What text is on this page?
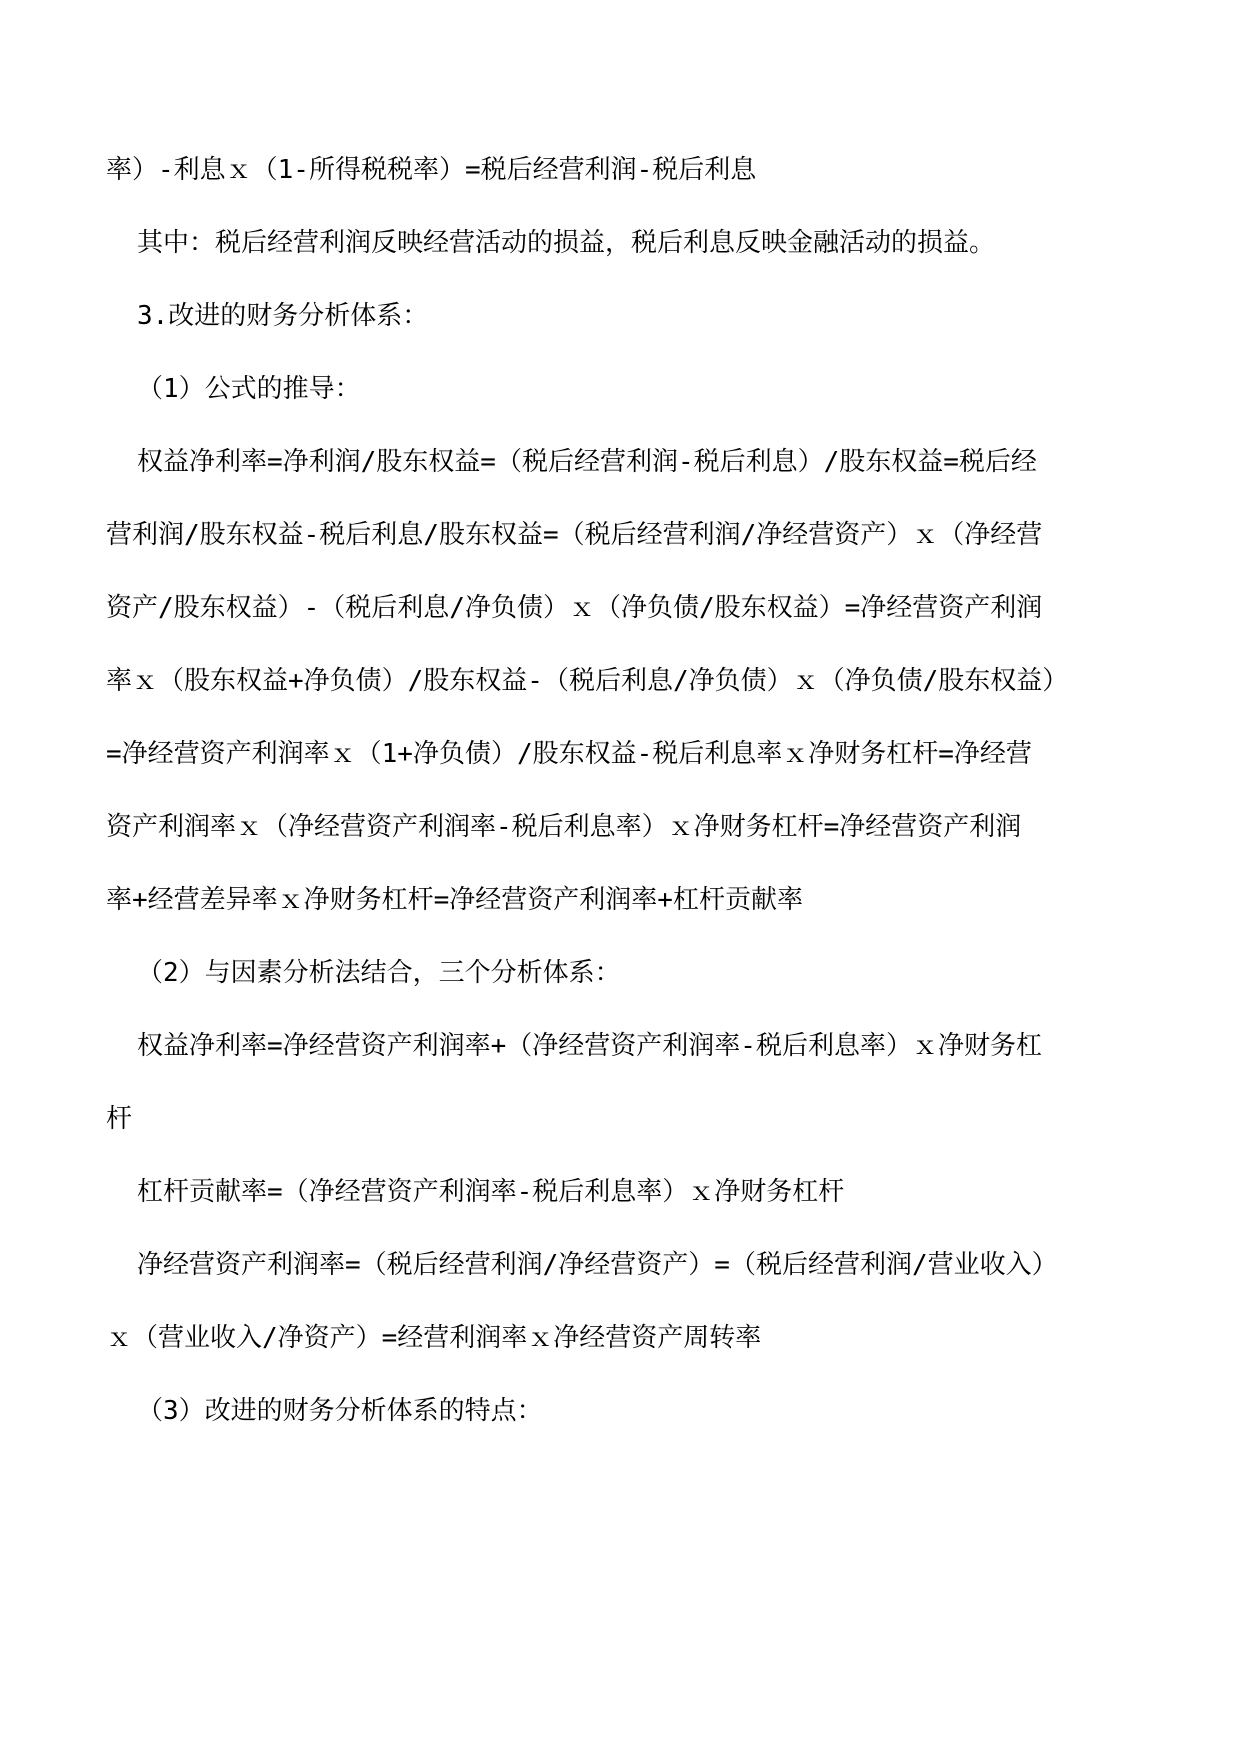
率）-利息ｘ（1-所得税税率）=税后经营利润-税后利息
其中：税后经营利润反映经营活动的损益，税后利息反映金融活动的损益。
3.改进的财务分析体系：
（1）公式的推导：
权益净利率=净利润/股东权益=（税后经营利润-税后利息）/股东权益=税后经
营利润/股东权益-税后利息/股东权益=（税后经营利润/净经营资产）ｘ（净经营
资产/股东权益）-（税后利息/净负债）ｘ（净负债/股东权益）=净经营资产利润
率ｘ（股东权益+净负债）/股东权益-（税后利息/净负债）ｘ（净负债/股东权益）
=净经营资产利润率ｘ（1+净负债）/股东权益-税后利息率ｘ净财务杠杆=净经营
资产利润率ｘ（净经营资产利润率-税后利息率）ｘ净财务杠杆=净经营资产利润
率+经营差异率ｘ净财务杠杆=净经营资产利润率+杠杆贡献率
（2）与因素分析法结合，三个分析体系：
权益净利率=净经营资产利润率+（净经营资产利润率-税后利息率）ｘ净财务杠
杆
杠杆贡献率=（净经营资产利润率-税后利息率）ｘ净财务杠杆
净经营资产利润率=（税后经营利润/净经营资产）=（税后经营利润/营业收入）
ｘ（营业收入/净资产）=经营利润率ｘ净经营资产周转率
（3）改进的财务分析体系的特点：
